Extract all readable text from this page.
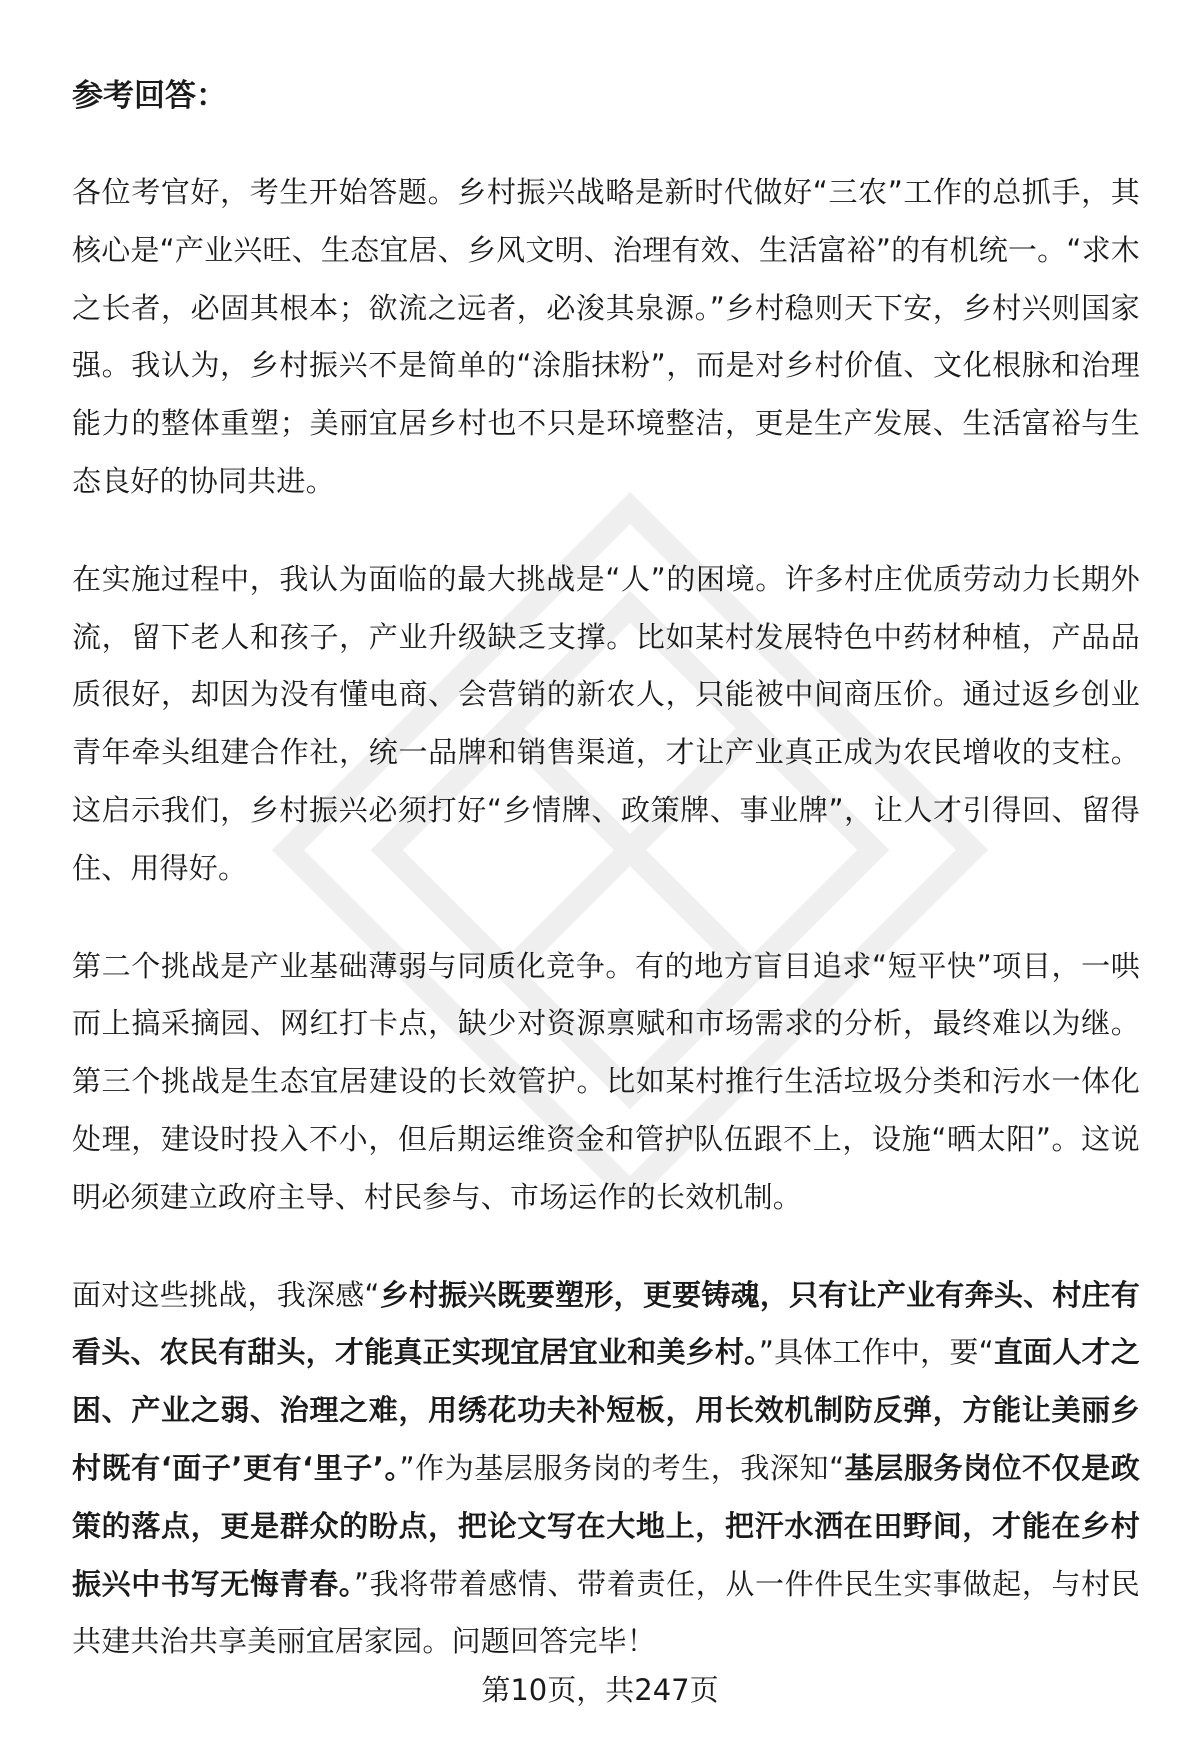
参考回答：
各位考官好，考生开始答题。乡村振兴战略是新时代做好“三农”工作的总抓手，其核心是“产业兴旺、生态宜居、乡风文明、治理有效、生活富裕”的有机统一。“求木之长者，必固其根本；欲流之远者，必浚其泉源。”乡村稳则天下安，乡村兴则国家强。我认为，乡村振兴不是简单的“涂脂抹粉”，而是对乡村价值、文化根脉和治理能力的整体重塑；美丽宜居乡村也不只是环境整洁，更是生产发展、生活富裕与生态良好的协同共进。
在实施过程中，我认为面临的最大挑战是“人”的困境。许多村庄优质劳动力长期外流，留下老人和孩子，产业升级缺乏支撑。比如某村发展特色中药材种植，产品品质很好，却因为没有懂电商、会营销的新农人，只能被中间商压价。通过返乡创业青年牵头组建合作社，统一品牌和销售渠道，才让产业真正成为农民增收的支柱。这启示我们，乡村振兴必须打好“乡情牌、政策牌、事业牌”，让人才引得回、留得住、用得好。
第二个挑战是产业基础薄弱与同质化竞争。有的地方盲目追求“短平快”项目，一哄而上搞采摘园、网红打卡点，缺少对资源禀赋和市场需求的分析，最终难以为继。第三个挑战是生态宜居建设的长效管护。比如某村推行生活垃圾分类和污水一体化处理，建设时投入不小，但后期运维资金和管护队伍跟不上，设施“晒太阳”。这说明必须建立政府主导、村民参与、市场运作的长效机制。
面对这些挑战，我深感“乡村振兴既要塑形，更要铸魂，只有让产业有奔头、村庄有看头、农民有甜头，才能真正实现宜居宜业和美乡村。”具体工作中，要“直面人才之困、产业之弱、治理之难，用绣花功夫补短板，用长效机制防反弹，方能让美丽乡村既有‘面子’更有‘里子’。”作为基层服务岗的考生，我深知“基层服务岗位不仅是政策的落点，更是群众的盼点，把论文写在大地上，把汗水洒在田野间，才能在乡村振兴中书写无悔青春。”我将带着感情、带着责任，从一件件民生实事做起，与村民共建共治共享美丽宜居家园。问题回答完毕！
第10页，共247页
